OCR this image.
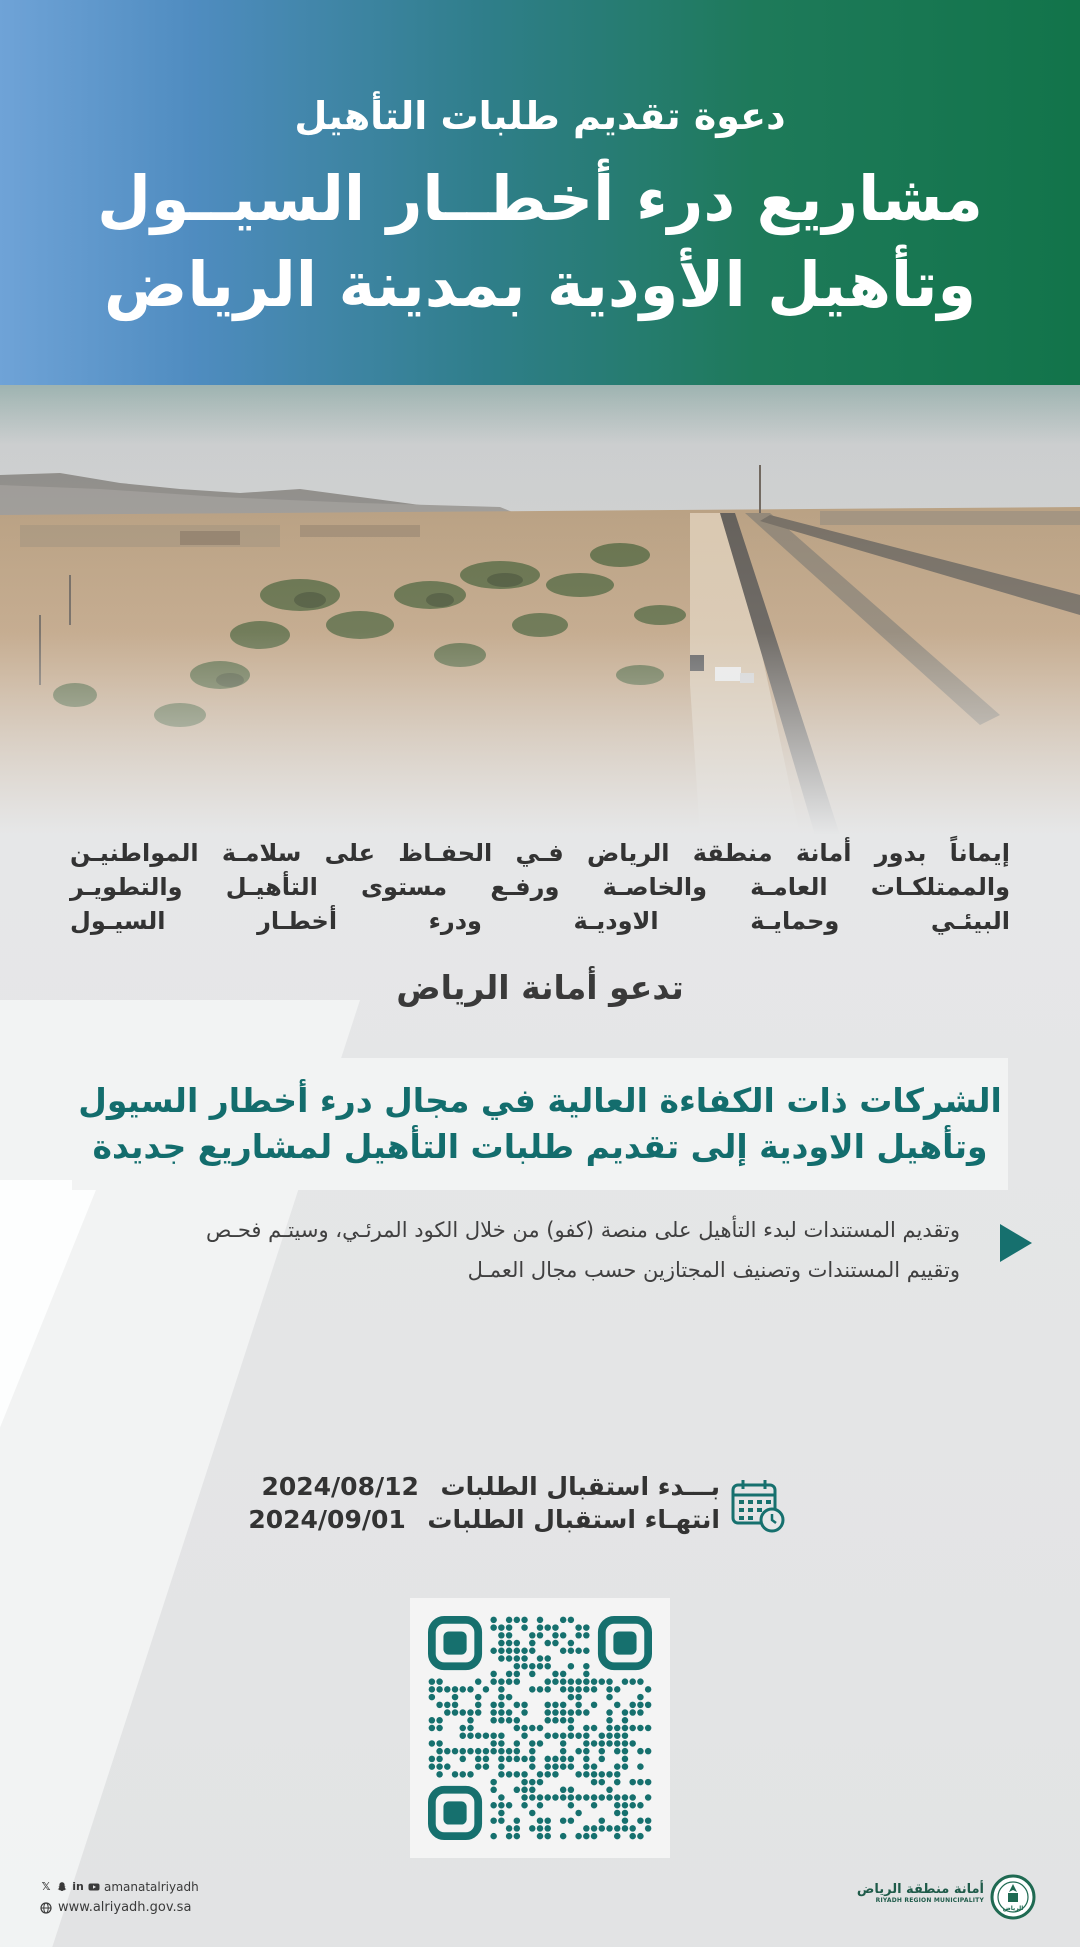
دعوة تقديم طلبات التأهيل
مشاريع درء أخطــار السيــول
وتأهيل الأودية بمدينة الرياض
إيماناً بدور أمانة منطقة الرياض فـي الحفـاظ على سلامـة المواطنيـن
والممتلكـات العامـة والخاصـة ورفـع مستوى التأهيـل والتطويـر
البيئـي وحمايـة الاوديـة ودرء أخطـار السيـول
تدعو أمانة الرياض
الشركات ذات الكفاءة العالية في مجال درء أخطار السيول
وتأهيل الاودية إلى تقديم طلبات التأهيل لمشاريع جديدة
وتقديم المستندات لبدء التأهيل على منصة (كفو) من خلال الكود المرئـي، وسيتـم فحـص
وتقييم المستندات وتصنيف المجتازين حسب مجال العمـل
بـــدء استقبال الطلبات2024/08/12
انتهـاء استقبال الطلبات2024/09/01
𝕏 in amanatalriyadh
www.alriyadh.gov.sa
أمانة منطقة الرياض
RIYADH REGION MUNICIPALITY
الرياض
